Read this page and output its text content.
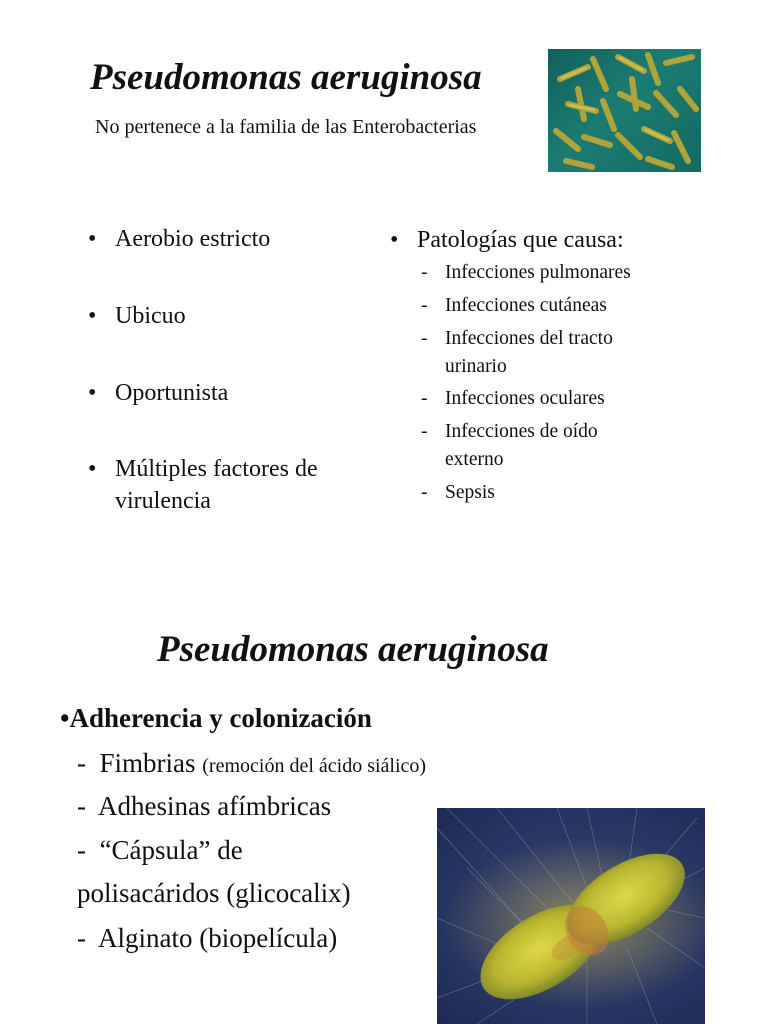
Pseudomonas aeruginosa
No pertenece a la familia de las Enterobacterias
• Aerobio estricto
• Ubicuo
• Oportunista
• Múltiples factores de virulencia
• Patologías que causa:
- Infecciones pulmonares
- Infecciones cutáneas
- Infecciones del tracto urinario
- Infecciones oculares
- Infecciones de oído externo
- Sepsis
Pseudomonas aeruginosa
•Adherencia y colonización
- Fimbrias (remoción del ácido siálico)
- Adhesinas afímbricas
- “Cápsula” de
polisacáridos (glicocalix)
- Alginato (biopelícula)
